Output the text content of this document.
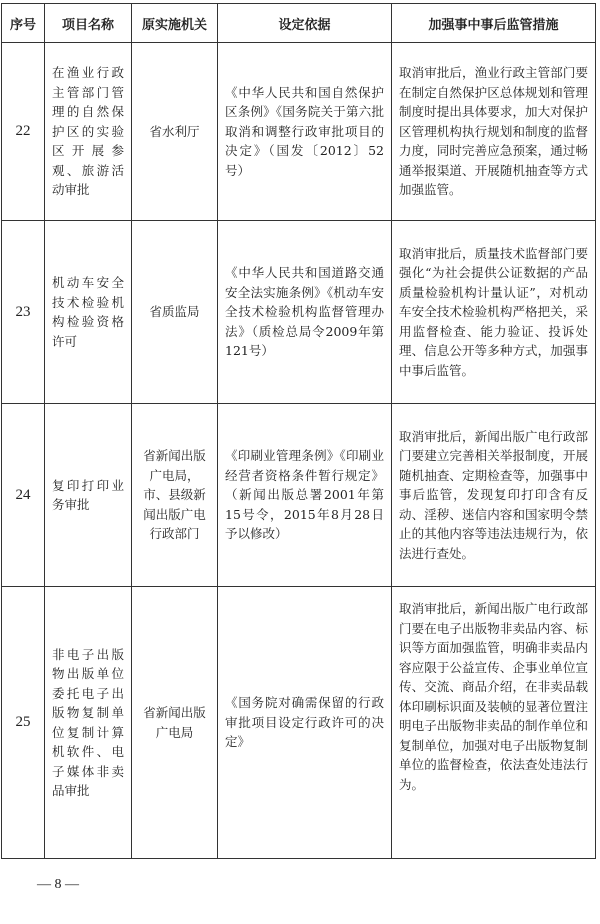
序号	项目名称	原实施机关	设定依据	加强事中事后监管措施
22	在渔业行政主管部门管理的自然保护区的实验区开展参观、旅游活动审批	省水利厅	《中华人民共和国自然保护区条例》《国务院关于第六批取消和调整行政审批项目的决定》（国发〔2012〕52号）	取消审批后，渔业行政主管部门要在制定自然保护区总体规划和管理制度时提出具体要求，加大对保护区管理机构执行规划和制度的监督力度，同时完善应急预案，通过畅通举报渠道、开展随机抽查等方式加强监管。

23	机动车安全技术检验机构检验资格许可	省质监局	《中华人民共和国道路交通安全法实施条例》《机动车安全技术检验机构监督管理办法》（质检总局令2009年第121号）	取消审批后，质量技术监督部门要强化“为社会提供公证数据的产品质量检验机构计量认证”，对机动车安全技术检验机构严格把关，采用监督检查、能力验证、投诉处理、信息公开等多种方式，加强事中事后监管。

24	复印打印业务审批	省新闻出版广电局，市、县级新闻出版广电行政部门	《印刷业管理条例》《印刷业经营者资格条件暂行规定》（新闻出版总署2001年第15号令，2015年8月28日予以修改）	取消审批后，新闻出版广电行政部门要建立完善相关举报制度，开展随机抽查、定期检查等，加强事中事后监管，发现复印打印含有反动、淫秽、迷信内容和国家明令禁止的其他内容等违法违规行为，依法进行查处。

25	非电子出版物出版单位委托电子出版物复制单位复制计算机软件、电子媒体非卖品审批	省新闻出版广电局	《国务院对确需保留的行政审批项目设定行政许可的决定》	取消审批后，新闻出版广电行政部门要在电子出版物非卖品内容、标识等方面加强监管，明确非卖品内容应限于公益宣传、企事业单位宣传、交流、商品介绍，在非卖品载体印刷标识面及装帧的显著位置注明电子出版物非卖品的制作单位和复制单位，加强对电子出版物复制单位的监督检查，依法查处违法行为。
— 8 —
